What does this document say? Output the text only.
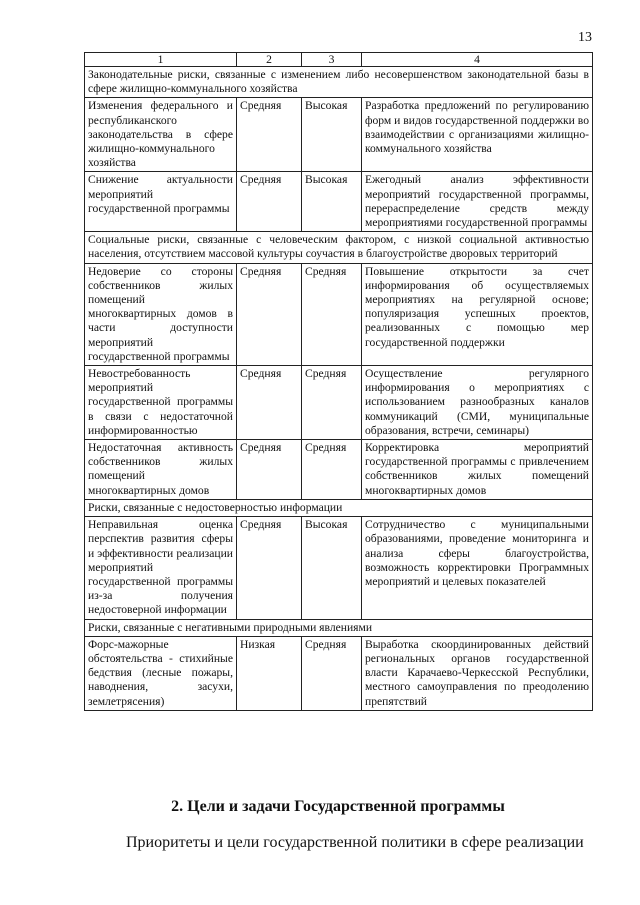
13
1	2	3	4
Законодательные риски, связанные с изменением либо несовершенством законодательной базы в сфере жилищно-коммунального хозяйства			
Изменения федерального и республиканского законодательства в сфере жилищно-коммунального хозяйства	Средняя	Высокая	Разработка предложений по регулированию форм и видов государственной поддержки во взаимодействии с организациями жилищно-коммунального хозяйства
Снижение актуальности мероприятий государственной программы	Средняя	Высокая	Ежегодный анализ эффективности мероприятий государственной программы, перераспределение средств между мероприятиями государственной программы
Социальные риски, связанные с человеческим фактором, с низкой социальной активностью населения, отсутствием массовой культуры соучастия в благоустройстве дворовых территорий			
Недоверие со стороны собственников жилых помещений многоквартирных домов в части доступности мероприятий государственной программы	Средняя	Средняя	Повышение открытости за счет информирования об осуществляемых мероприятиях на регулярной основе; популяризация успешных проектов, реализованных с помощью мер государственной поддержки
Невостребованность мероприятий государственной программы в связи с недостаточной информированностью	Средняя	Средняя	Осуществление регулярного информирования о мероприятиях с использованием разнообразных каналов коммуникаций (СМИ, муниципальные образования, встречи, семинары)
Недостаточная активность собственников жилых помещений многоквартирных домов	Средняя	Средняя	Корректировка мероприятий государственной программы с привлечением собственников жилых помещений многоквартирных домов
Риски, связанные с недостоверностью информации			
Неправильная оценка перспектив развития сферы и эффективности реализации мероприятий государственной программы из-за получения недостоверной информации	Средняя	Высокая	Сотрудничество с муниципальными образованиями, проведение мониторинга и анализа сферы благоустройства, возможность корректировки Программных мероприятий и целевых показателей
Риски, связанные с негативными природными явлениями			
Форс-мажорные обстоятельства - стихийные бедствия (лесные пожары, наводнения, засухи, землетрясения)	Низкая	Средняя	Выработка скоординированных действий региональных органов государственной власти Карачаево-Черкесской Республики, местного самоуправления по преодолению препятствий
2. Цели и задачи Государственной программы
Приоритеты и цели государственной политики в сфере реализации
